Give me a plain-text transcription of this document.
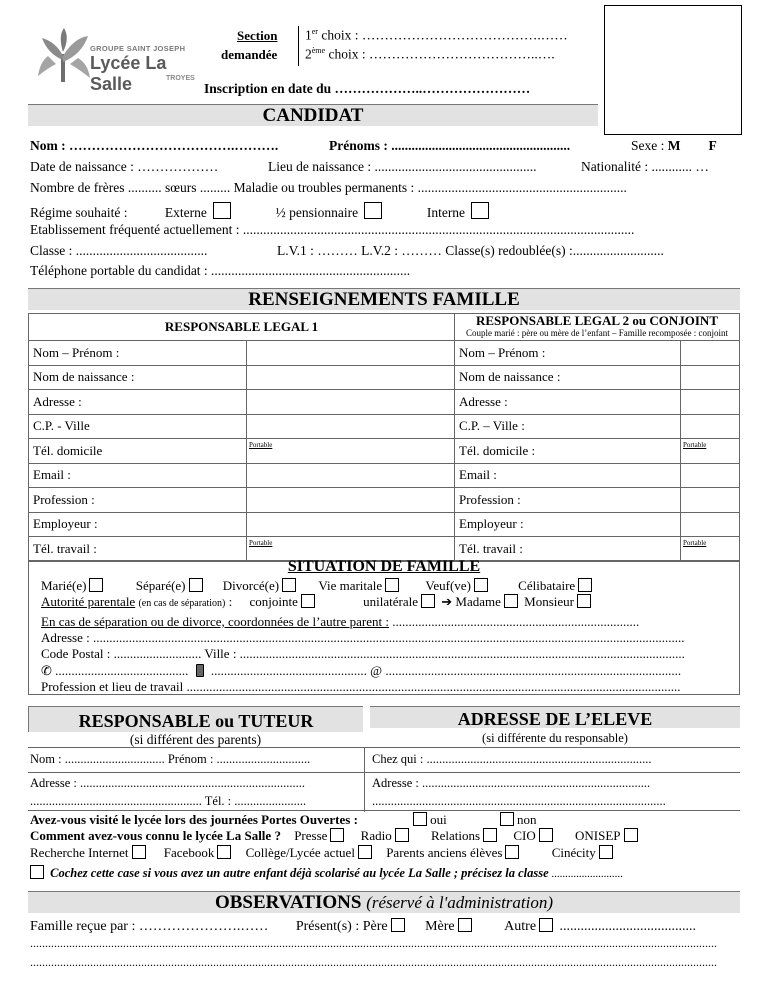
GROUPE SAINT JOSEPH
Lycée La Salle	TROYES
Section
demandée
1er choix : ………………………………….……
2ème choix : ………………………………..….
Inscription en date du ………………..……………………
CANDIDAT
Nom : ……………………………….……….	Prénoms : .....................................................	Sexe : M F
Date de naissance : ………………	Lieu de naissance : ................................................	Nationalité : ............ …
Nombre de frères .......... sœurs ......... Maladie ou troubles permanents : ..............................................................
Régime souhaité :	Externe	½ pensionnaire	Interne
Etablissement fréquenté actuellement : ....................................................................................................................
Classe : .......................................	L.V.1 : ……… L.V.2 : ……… Classe(s) redoublée(s) :...........................
Téléphone portable du candidat : ...........................................................
RENSEIGNEMENTS FAMILLE
RESPONSABLE LEGAL 1		RESPONSABLE LEGAL 2 ou CONJOINT
Couple marié : père ou mère de l’enfant – Famille recomposée : conjoint	

Nom – Prénom :		Nom – Prénom :	
Nom de naissance :		Nom de naissance :	
Adresse :		Adresse :	
C.P. - Ville		C.P. – Ville :	
Tél. domicile	Portable	Tél. domicile :	Portable

Email :		Email :	
Profession :		Profession :	
Employeur :		Employeur :	
Tél. travail :	Portable	Tél. travail :	Portable
SITUATION DE FAMILLE
Marié(e)	Séparé(e)	Divorcé(e)	Vie maritale	Veuf(ve)	Célibataire
Autorité parentale (en cas de séparation) : conjointe	unilatérale ➔ Madame Monsieur
En cas de séparation ou de divorce, coordonnées de l’autre parent : ............................................................................
Adresse : ......................................................................................................................................................................................
Code Postal : ........................... Ville : .........................................................................................................................................
✆ .........................................  ................................................ @ ...........................................................................................
Profession et lieu de travail ........................................................................................................................................................
RESPONSABLE ou TUTEUR
(si différent des parents)
ADRESSE DE L’ELEVE
(si différente du responsable)
Nom : ................................ Prénom : ..............................
Adresse : ........................................................................
....................................................... Tél. : .......................
Chez qui : ........................................................................
Adresse : .........................................................................
..............................................................................................
Avez-vous visité le lycée lors des journées Portes Ouvertes :	oui	non
Comment avez-vous connu le lycée La Salle ? Presse	Radio	Relations	CIO	ONISEP
Recherche Internet	Facebook Collège/Lycée actuel Parents anciens élèves	Cinécity
Cochez cette case si vous avez un autre enfant déjà scolarisé au lycée La Salle ; précisez la classe ..........................
OBSERVATIONS (réservé à l'administration)
Famille reçue par : ………………….…… Présent(s) : Père	Mère	Autre .......................................
.....................................................................................................................................................................................................................................
.....................................................................................................................................................................................................................................
